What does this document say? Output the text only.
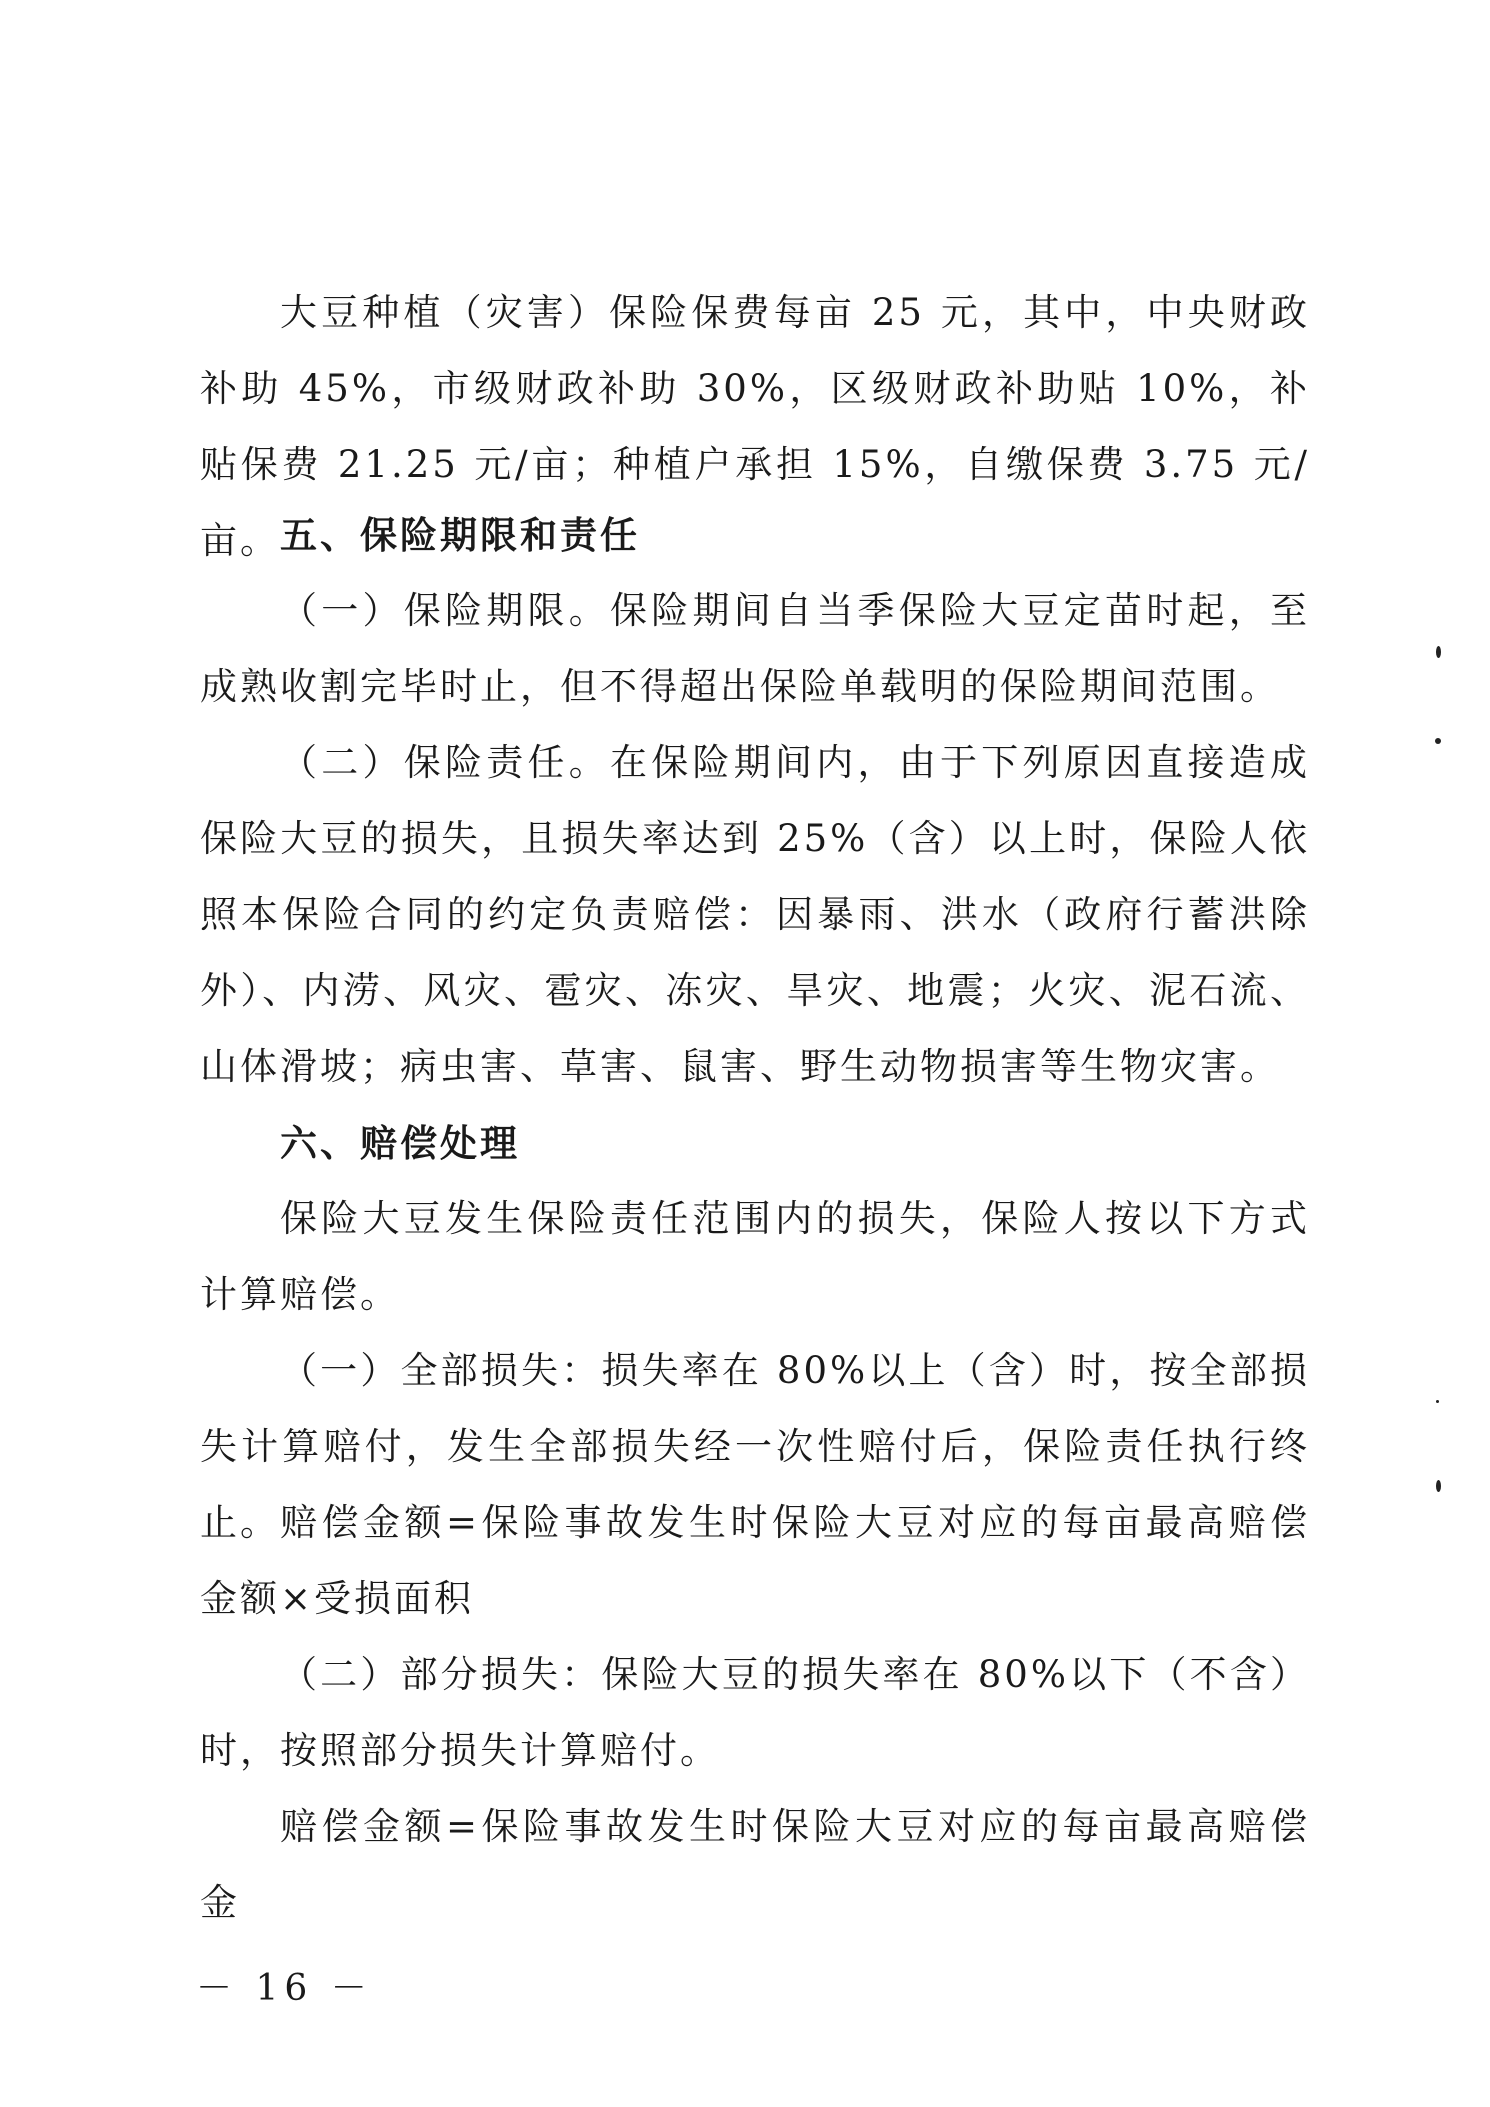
大豆种植（灾害）保险保费每亩 25 元，其中，中央财政补助 45%，市级财政补助 30%，区级财政补助贴 10%，补贴保费 21.25 元/亩；种植户承担 15%，自缴保费 3.75 元/亩。 五、保险期限和责任

（一）保险期限。保险期间自当季保险大豆定苗时起，至成熟收割完毕时止，但不得超出保险单载明的保险期间范围。

（二）保险责任。在保险期间内，由于下列原因直接造成保险大豆的损失，且损失率达到 25%（含）以上时，保险人依照本保险合同的约定负责赔偿：因暴雨、洪水（政府行蓄洪除外）、内涝、风灾、雹灾、冻灾、旱灾、地震；火灾、泥石流、山体滑坡；病虫害、草害、鼠害、野生动物损害等生物灾害。

六、赔偿处理

保险大豆发生保险责任范围内的损失，保险人按以下方式计算赔偿。

（一）全部损失：损失率在 80%以上（含）时，按全部损失计算赔付，发生全部损失经一次性赔付后，保险责任执行终止。 赔偿金额=保险事故发生时保险大豆对应的每亩最高赔偿金额×受损面积

（二）部分损失：保险大豆的损失率在 80%以下（不含）时，按照部分损失计算赔付。

赔偿金额=保险事故发生时保险大豆对应的每亩最高赔偿金

－ 16 －
